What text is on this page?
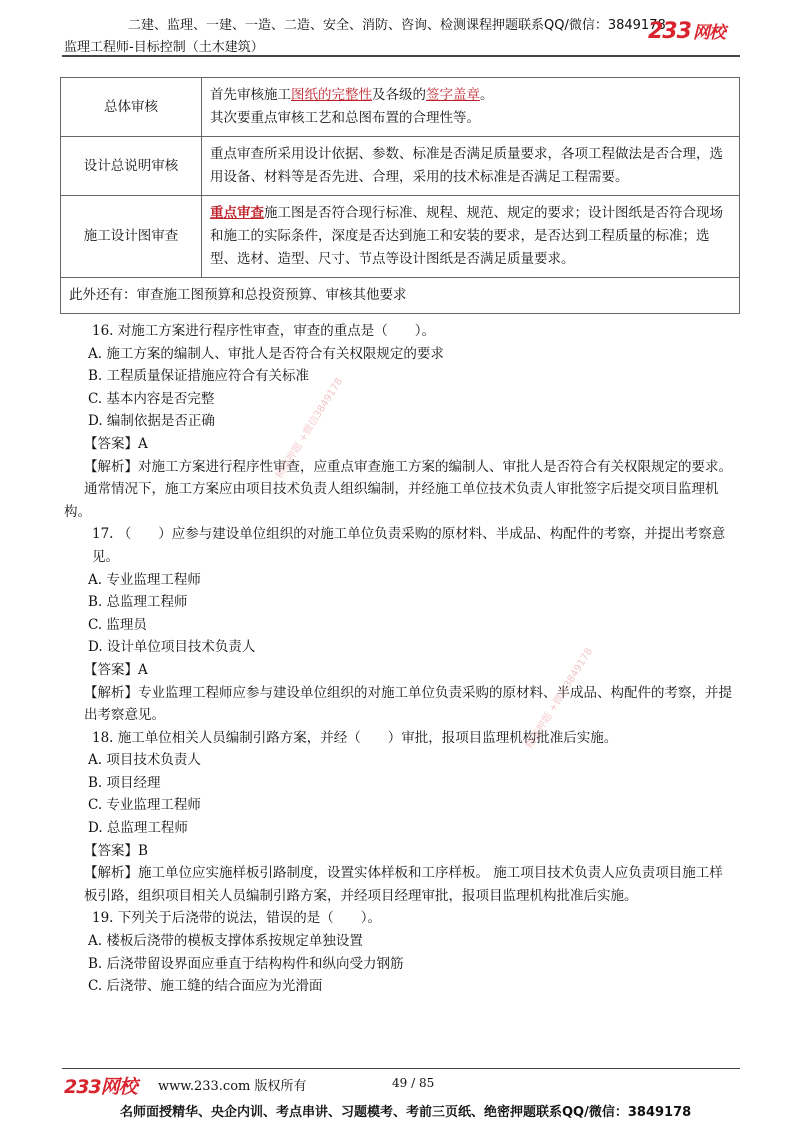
二建、监理、一建、一造、二造、安全、消防、咨询、检测课程押题联系QQ/微信：3849178
监理工程师-目标控制（土木建筑）
233 网校
总体审核	首先审核施工图纸的完整性及各级的签字盖章。
其次要重点审核工艺和总图布置的合理性等。
设计总说明审核	重点审查所采用设计依据、参数、标准是否满足质量要求，各项工程做法是否合理，选用设备、材料等是否先进、合理，采用的技术标准是否满足工程需要。
施工设计图审查	重点审查施工图是否符合现行标准、规程、规范、规定的要求；设计图纸是否符合现场和施工的实际条件，深度是否达到施工和安装的要求，是否达到工程质量的标准；选型、选材、造型、尺寸、节点等设计图纸是否满足质量要求。
此外还有：审查施工图预算和总投资预算、审核其他要求	

16. 对施工方案进行程序性审查，审查的重点是（　　）。

A. 施工方案的编制人、审批人是否符合有关权限规定的要求

B. 工程质量保证措施应符合有关标准

C. 基本内容是否完整

D. 编制依据是否正确

【答案】A

【解析】对施工方案进行程序性审查，应重点审查施工方案的编制人、审批人是否符合有关权限规定的要求。

通常情况下，施工方案应由项目技术负责人组织编制，并经施工单位技术负责人审批签字后提交项目监理机构。

17. （　　）应参与建设单位组织的对施工单位负责采购的原材料、半成品、构配件的考察，并提出考察意见。

A. 专业监理工程师

B. 总监理工程师

C. 监理员

D. 设计单位项目技术负责人

【答案】A

【解析】专业监理工程师应参与建设单位组织的对施工单位负责采购的原材料、半成品、构配件的考察，并提出考察意见。

18. 施工单位相关人员编制引路方案，并经（　　）审批，报项目监理机构批准后实施。

A. 项目技术负责人

B. 项目经理

C. 专业监理工程师

D. 总监理工程师

【答案】B

【解析】施工单位应实施样板引路制度，设置实体样板和工序样板。 施工项目技术负责人应负责项目施工样板引路，组织项目相关人员编制引路方案，并经项目经理审批，报项目监理机构批准后实施。

19. 下列关于后浇带的说法，错误的是（　　）。

A. 楼板后浇带的模板支撑体系按规定单独设置

B. 后浇带留设界面应垂直于结构构件和纵向受力钢筋

C. 后浇带、施工缝的结合面应为光滑面

精准押题 +微信3849178
精准押题 +微信3849178
233网校 www.233.com 版权所有	49 / 85
名师面授精华、央企内训、考点串讲、习题模考、考前三页纸、绝密押题联系QQ/微信：3849178
